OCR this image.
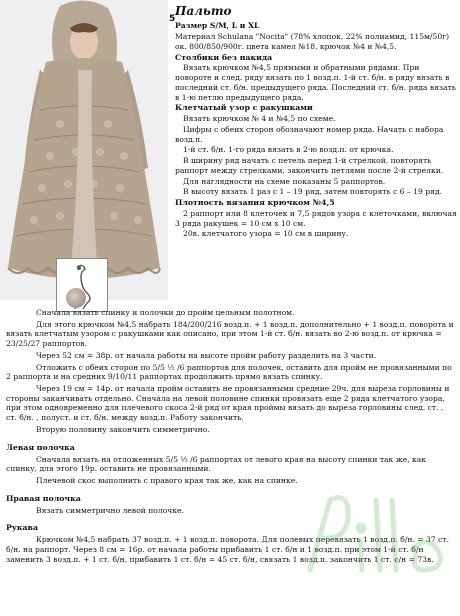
5
Пальто

Размер S/M, L и XL

Материал Schulana "Nocita" (78% хлопок, 22% полиамид, 115м/50г) ок. 800/850/900г. цвета камел №18, крючок №4 и №4,5.

Столбики без накида

Вязать крючком №4,5 прямыми и обратными рядами. При повороте и след. ряду вязать по 1 возд.п. 1-й ст. б/н. в ряду вязать в последний ст. б/н. предыдущего ряда. Последний ст. б/н. ряда вязать в 1-ю петлю предыдущего ряда.

Клетчатый узор с ракушками

Вязать крючком № 4 и №4,5 по схеме.

Цифры с обеих сторон обозначают номер ряда. Начать с набора возд.п.

1-й ст. б/н. 1-го ряда вязать в 2-ю возд.п. от крючка.

В ширину ряд начать с петель перед 1-й стрелкой, повторять раппорт между стрелками, закончить петлями после 2-й стрелки.

Для наглядности на схеме показаны 5 раппортов.

В высоту вязать 1 раз с 1 – 19 ряд, затем повторять с 6 – 19 ряд.

Плотность вязания крючком №4,5

2 раппорт или 8 клеточек и 7,5 рядов узора с клеточками, включая 3 ряда ракушек = 10 см х 10 см.

20в. клетчатого узора = 10 см в ширину.

Сначала вязать спинку и полочки до пройм цельным полотном.

Для этого крючком №4,5 набрать 184/200/216 возд.п. + 1 возд.п. дополнительно + 1 возд.п. поворота и вязать клетчатым узором с ракушками как описано, при этом 1-й ст. б/н. вязать во 2-ю возд.п. от крючка = 23/25/27 раппортов.

Через 52 см = 38р. от начала работы на высоте пройм работу разделить на 3 части.

Отложить с обеих сторон по 5/5 ½ /6 раппортов для полочек, оставить для пройм не провязанными по 2 раппорта и на средних 9/10/11 раппортах продолжить прямо вязать спинку.

Через 19 см = 14р. от начала пройм оставить не провязанными средние 29ч. для выреза горловины и стороны заканчивать отдельно. Сначала на левой половине спинки провязать еще 2 ряда клетчатого узора, при этом одновременно для плечевого скоса 2-й ряд от края проймы вязать до выреза горловины след. ст. , ст. б/н. , полуст. и ст. б/н. между возд.п. Работу закончить.

Вторую половину закончить симметрично.

Левая полочка

Сначала вязать на отложенных 5/5 ½ /6 раппортах от левого края на высоту спинки так же, как спинку, для этого 19р. оставить не провязанными.

Плечевой скос выполнить с правого края так же, как на спинке.

Правая полочка

Вязать симметрично левой полочке.

Рукава

Крючком №4,5 набрать 37 возд.п. + 1 возд.п. поворота. Для полевых перевязать 1 возд.п. б/н. = 37 ст. б/н. на раппорт. Через 8 см = 16р. от начала работы прибавить 1 ст. б/н и 1 возд.п. при этом 1-й ст. б/н заменить 3 возд.п. + 1 ст. б/н, прибавить 1 ст. б/н = 45 ст. б/н, связать 1 возд.п. закончить 1 ст. с/н = 73в.
